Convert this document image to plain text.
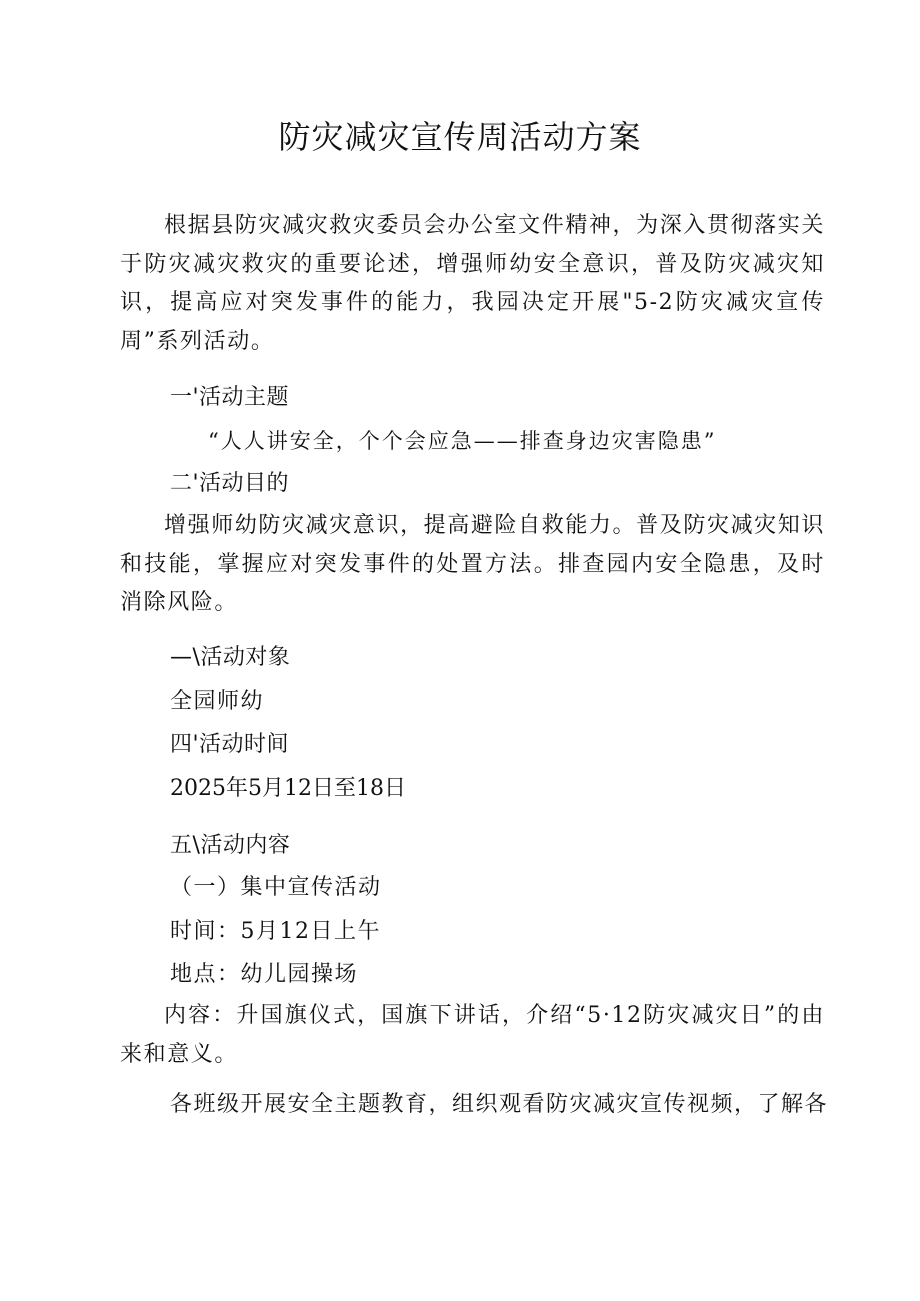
防灾减灾宣传周活动方案

根据县防灾减灾救灾委员会办公室文件精神，为深入贯彻落实关于防灾减灾救灾的重要论述，增强师幼安全意识，普及防灾减灾知识，提高应对突发事件的能力，我园决定开展"5-2防灾减灾宣传周”系列活动。

一'活动主题
“人人讲安全，个个会应急——排查身边灾害隐患”
二'活动目的

增强师幼防灾减灾意识，提高避险自救能力。普及防灾减灾知识和技能，掌握应对突发事件的处置方法。排查园内安全隐患，及时消除风险。

—\活动对象
全园师幼
四'活动时间
2025年5月12日至18日
五\活动内容
（一）集中宣传活动
时间：5月12日上午
地点：幼儿园操场

内容：升国旗仪式，国旗下讲话，介绍“5·12防灾减灾日”的由来和意义。

各班级开展安全主题教育，组织观看防灾减灾宣传视频，了解各
